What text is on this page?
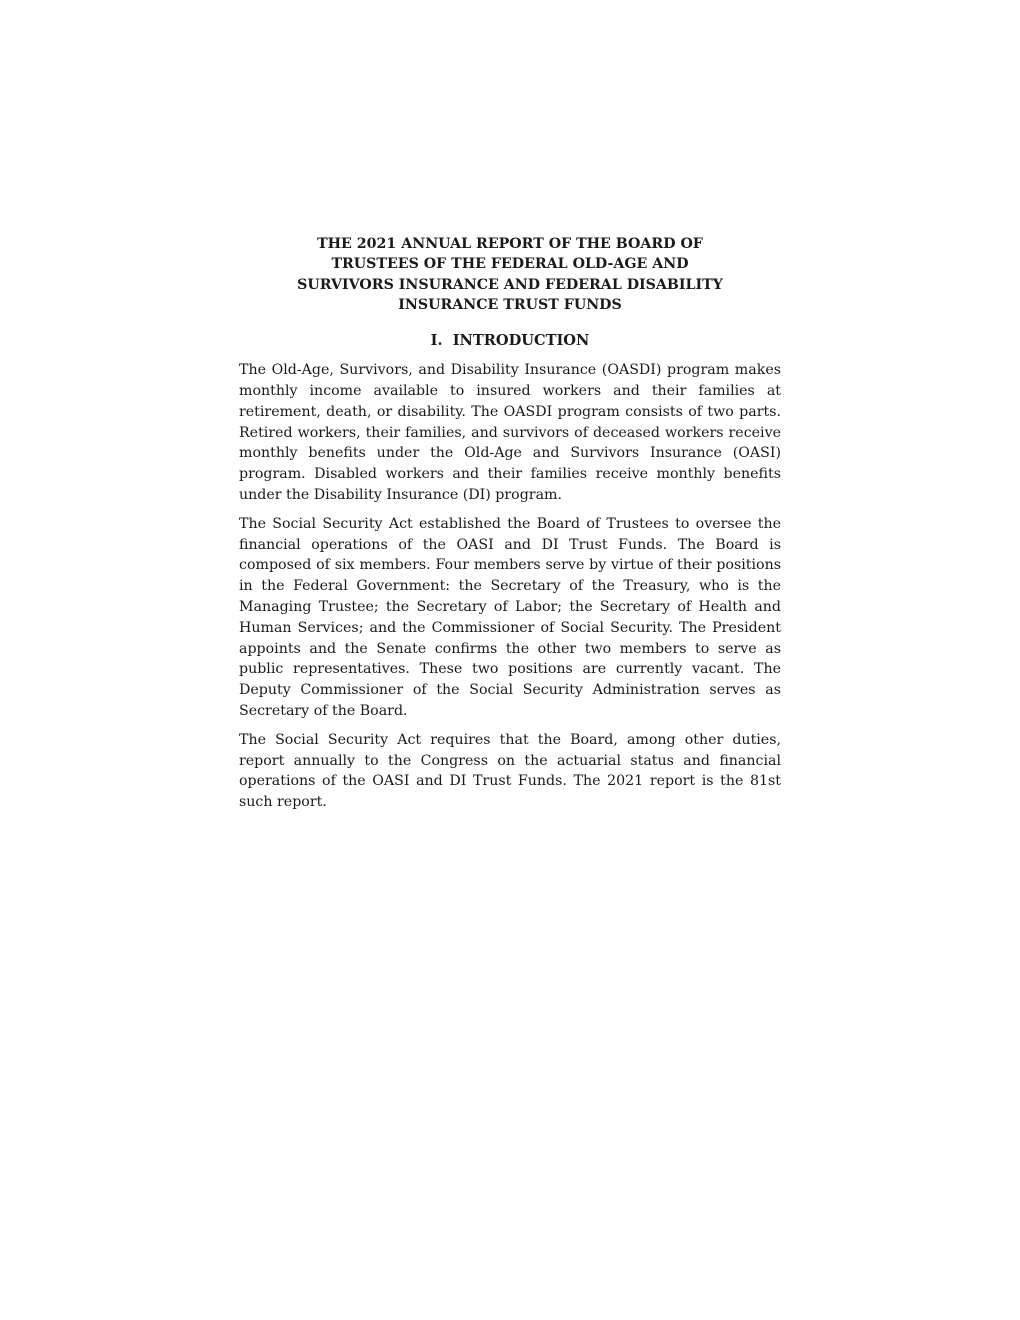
THE 2021 ANNUAL REPORT OF THE BOARD OF
TRUSTEES OF THE FEDERAL OLD-AGE AND
SURVIVORS INSURANCE AND FEDERAL DISABILITY
INSURANCE TRUST FUNDS
I.  INTRODUCTION

The Old-Age, Survivors, and Disability Insurance (OASDI) program makes monthly income available to insured workers and their families at retirement, death, or disability. The OASDI program consists of two parts. Retired workers, their families, and survivors of deceased workers receive monthly benefits under the Old-Age and Survivors Insurance (OASI) program. Disabled workers and their families receive monthly benefits under the Disability Insurance (DI) program.

The Social Security Act established the Board of Trustees to oversee the financial operations of the OASI and DI Trust Funds. The Board is composed of six members. Four members serve by virtue of their positions in the Federal Government: the Secretary of the Treasury, who is the Managing Trustee; the Secretary of Labor; the Secretary of Health and Human Services; and the Commissioner of Social Security. The President appoints and the Senate confirms the other two members to serve as public representatives. These two positions are currently vacant. The Deputy Commissioner of the Social Security Administration serves as Secretary of the Board.

The Social Security Act requires that the Board, among other duties, report annually to the Congress on the actuarial status and financial operations of the OASI and DI Trust Funds. The 2021 report is the 81st such report.
